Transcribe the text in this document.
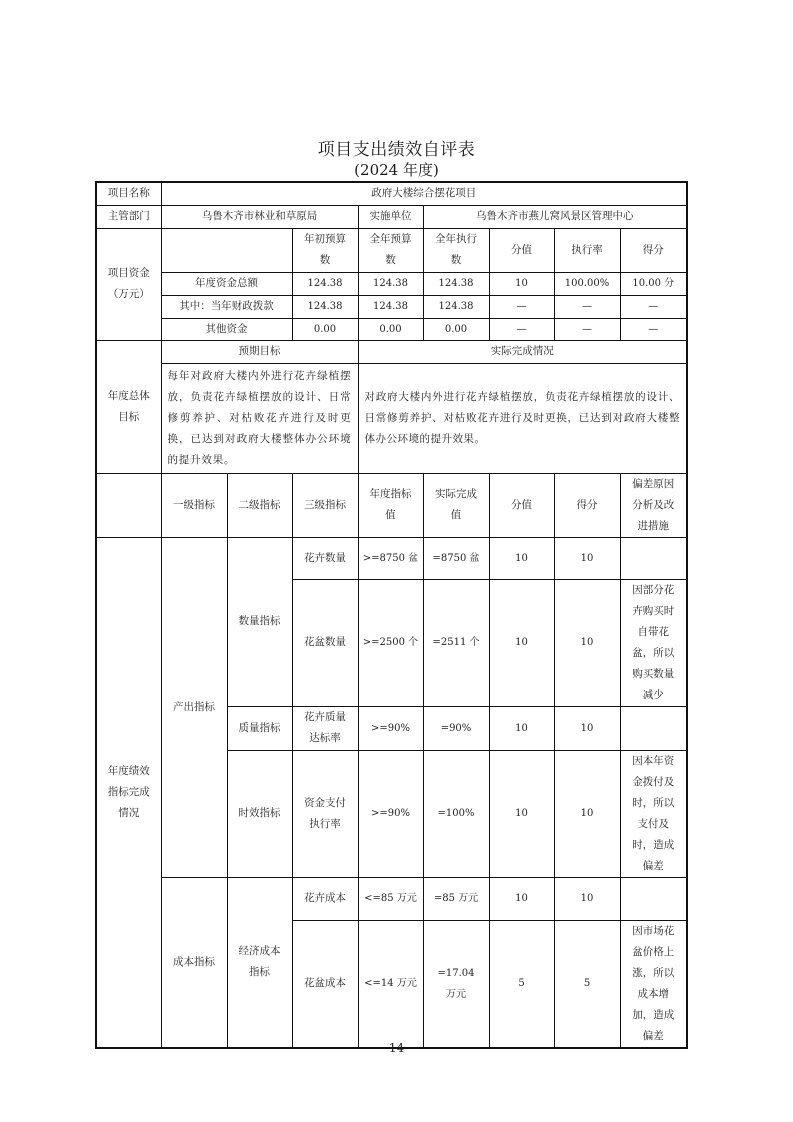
项目支出绩效自评表
(2024 年度)
项目名称	政府大楼综合摆花项目							
主管部门	乌鲁木齐市林业和草原局			实施单位	乌鲁木齐市燕儿窝风景区管理中心			
项目资金（万元）			年初预算数	全年预算数	全年执行数	分值	执行率	得分
	年度资金总额		124.38	124.38	124.38	10	100.00%	10.00 分
	其中：当年财政拨款		124.38	124.38	124.38	—	—	—
	其他资金		0.00	0.00	0.00	—	—	—
年度总体目标	预期目标			实际完成情况				
	每年对政府大楼内外进行花卉绿植摆放，负责花卉绿植摆放的设计、日常修剪养护、对枯败花卉进行及时更换，已达到对政府大楼整体办公环境的提升效果。			对政府大楼内外进行花卉绿植摆放，负责花卉绿植摆放的设计、日常修剪养护、对枯败花卉进行及时更换，已达到对政府大楼整体办公环境的提升效果。				
	一级指标	二级指标	三级指标	年度指标值	实际完成值	分值	得分	偏差原因分析及改进措施
年度绩效指标完成情况	产出指标	数量指标	花卉数量	>=8750 盆	=8750 盆	10	10	
			花盆数量	>=2500 个	=2511 个	10	10	因部分花卉购买时自带花盆，所以购买数量减少
		质量指标	花卉质量达标率	>=90%	=90%	10	10	
		时效指标	资金支付执行率	>=90%	=100%	10	10	因本年资金拨付及时，所以支付及时，造成偏差
	成本指标	经济成本指标	花卉成本	<=85 万元	=85 万元	10	10	
			花盆成本	<=14 万元	=17.04 万元	5	5	因市场花盆价格上涨，所以成本增加，造成偏差
14
